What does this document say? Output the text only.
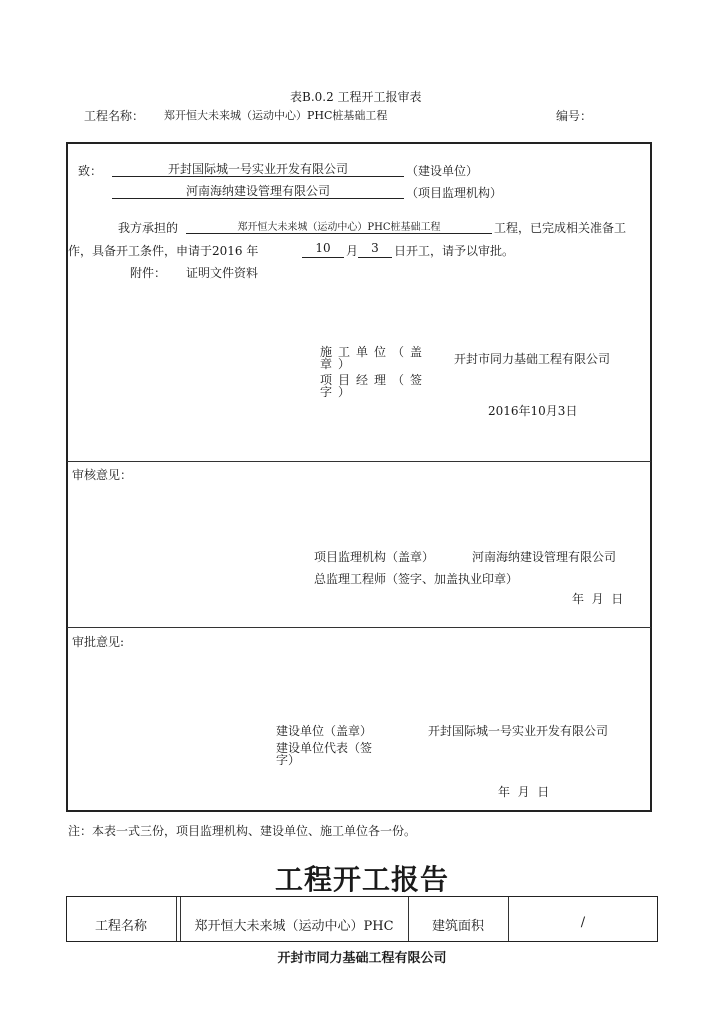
表B.0.2 工程开工报审表
工程名称： 郑开恒大未来城（运动中心）PHC桩基础工程	编号：
致：	开封国际城一号实业开发有限公司	（建设单位）
河南海纳建设管理有限公司	（项目监理机构）
我方承担的	郑开恒大未来城（运动中心）PHC桩基础工程	工程，已完成相关准备工
作，具备开工条件，申请于2016 年	10	月	3	日开工，请予以审批。
附件： 证明文件资料
施工单位（盖章）	开封市同力基础工程有限公司
项目经理（签字）
2016年10月3日
审核意见：
项目监理机构（盖章）	河南海纳建设管理有限公司
总监理工程师（签字、加盖执业印章）
年  月  日
审批意见:
建设单位（盖章）	开封国际城一号实业开发有限公司
建设单位代表（签字）
年  月  日
注：本表一式三份，项目监理机构、建设单位、施工单位各一份。
工程开工报告
工程名称	郑开恒大未来城（运动中心）PHC	建筑面积	/
开封市同力基础工程有限公司
